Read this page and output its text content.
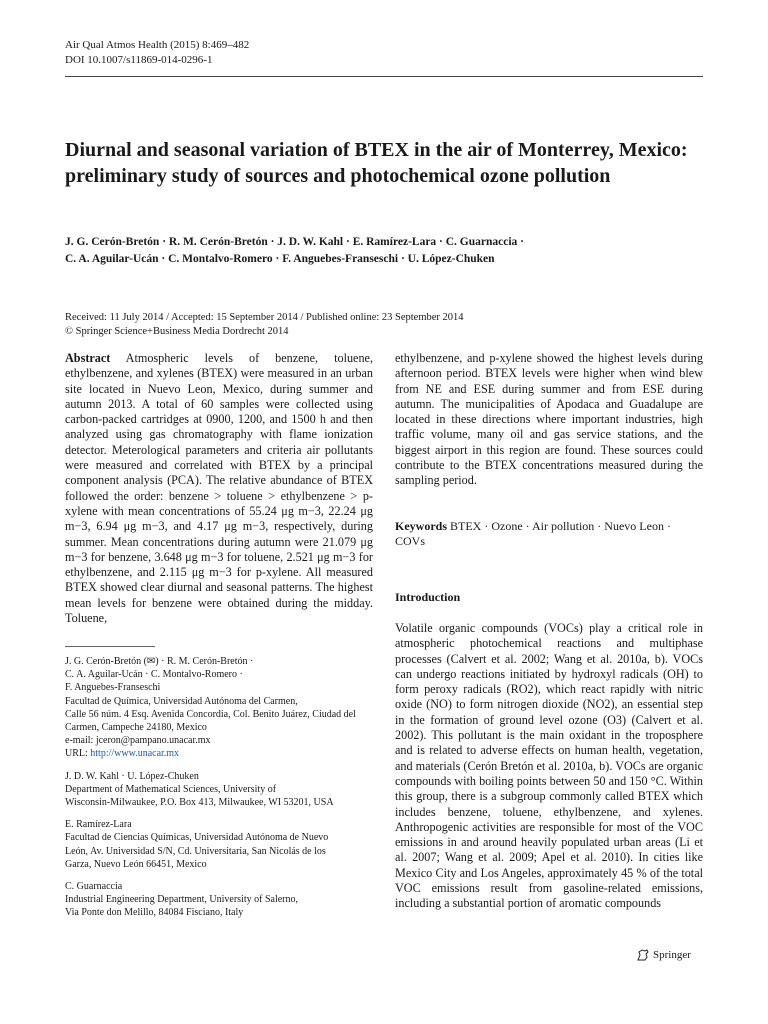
Air Qual Atmos Health (2015) 8:469–482
DOI 10.1007/s11869-014-0296-1
Diurnal and seasonal variation of BTEX in the air of Monterrey, Mexico: preliminary study of sources and photochemical ozone pollution
J. G. Cerón-Bretón · R. M. Cerón-Bretón · J. D. W. Kahl · E. Ramírez-Lara · C. Guarnaccia ·
C. A. Aguilar-Ucán · C. Montalvo-Romero · F. Anguebes-Franseschi · U. López-Chuken
Received: 11 July 2014 / Accepted: 15 September 2014 / Published online: 23 September 2014
© Springer Science+Business Media Dordrecht 2014

Abstract Atmospheric levels of benzene, toluene, ethylbenzene, and xylenes (BTEX) were measured in an urban site located in Nuevo Leon, Mexico, during summer and autumn 2013. A total of 60 samples were collected using carbon-packed cartridges at 0900, 1200, and 1500 h and then analyzed using gas chromatography with flame ionization detector. Meterological parameters and criteria air pollutants were measured and correlated with BTEX by a principal component analysis (PCA). The relative abundance of BTEX followed the order: benzene > toluene > ethylbenzene > p-xylene with mean concentrations of 55.24 μg m−3, 22.24 μg m−3, 6.94 μg m−3, and 4.17 μg m−3, respectively, during summer. Mean concentrations during autumn were 21.079 μg m−3 for benzene, 3.648 μg m−3 for toluene, 2.521 μg m−3 for ethylbenzene, and 2.115 μg m−3 for p-xylene. All measured BTEX showed clear diurnal and seasonal patterns. The highest mean levels for benzene were obtained during the midday. Toluene,

ethylbenzene, and p-xylene showed the highest levels during afternoon period. BTEX levels were higher when wind blew from NE and ESE during summer and from ESE during autumn. The municipalities of Apodaca and Guadalupe are located in these directions where important industries, high traffic volume, many oil and gas service stations, and the biggest airport in this region are found. These sources could contribute to the BTEX concentrations measured during the sampling period.

Keywords BTEX · Ozone · Air pollution · Nuevo Leon · COVs
J. G. Cerón-Bretón (✉) · R. M. Cerón-Bretón ·
C. A. Aguilar-Ucán · C. Montalvo-Romero ·
F. Anguebes-Franseschi
Facultad de Química, Universidad Autónoma del Carmen,
Calle 56 núm. 4 Esq. Avenida Concordia, Col. Benito Juárez, Ciudad del
Carmen, Campeche 24180, Mexico
e-mail: jceron@pampano.unacar.mx
URL: http://www.unacar.mx
J. D. W. Kahl · U. López-Chuken
Department of Mathematical Sciences, University of
Wisconsin-Milwaukee, P.O. Box 413, Milwaukee, WI 53201, USA
E. Ramírez-Lara
Facultad de Ciencias Químicas, Universidad Autónoma de Nuevo
León, Av. Universidad S/N, Cd. Universitaria, San Nicolás de los
Garza, Nuevo León 66451, Mexico
C. Guarnaccia
Industrial Engineering Department, University of Salerno,
Via Ponte don Melillo, 84084 Fisciano, Italy
Introduction
Volatile organic compounds (VOCs) play a critical role in atmospheric photochemical reactions and multiphase processes (Calvert et al. 2002; Wang et al. 2010a, b). VOCs can undergo reactions initiated by hydroxyl radicals (OH) to form peroxy radicals (RO2), which react rapidly with nitric oxide (NO) to form nitrogen dioxide (NO2), an essential step in the formation of ground level ozone (O3) (Calvert et al. 2002). This pollutant is the main oxidant in the troposphere and is related to adverse effects on human health, vegetation, and materials (Cerón Bretón et al. 2010a, b). VOCs are organic compounds with boiling points between 50 and 150 °C. Within this group, there is a subgroup commonly called BTEX which includes benzene, toluene, ethylbenzene, and xylenes. Anthropogenic activities are responsible for most of the VOC emissions in and around heavily populated urban areas (Li et al. 2007; Wang et al. 2009; Apel et al. 2010). In cities like Mexico City and Los Angeles, approximately 45 % of the total VOC emissions result from gasoline-related emissions, including a substantial portion of aromatic compounds
Springer
